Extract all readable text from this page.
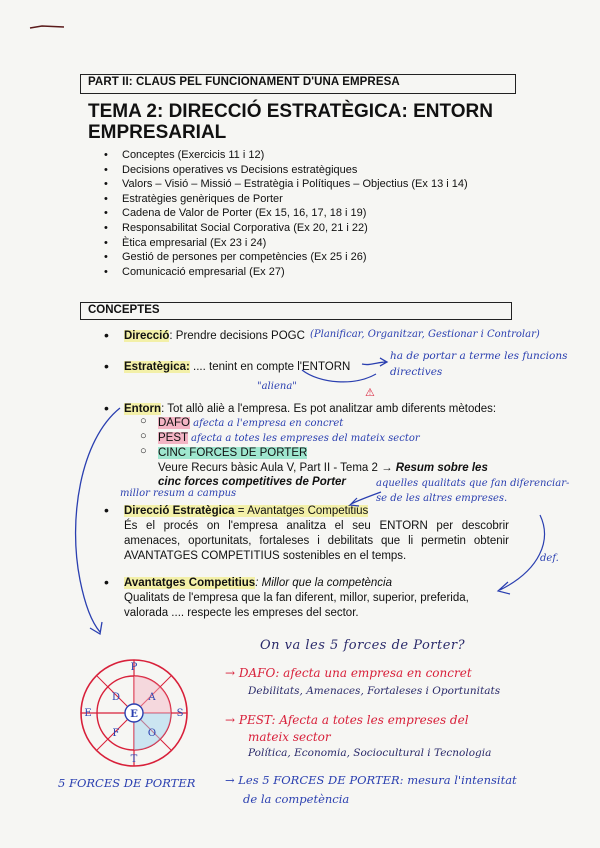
PART II: CLAUS PEL FUNCIONAMENT D'UNA EMPRESA
TEMA 2: DIRECCIÓ ESTRATÈGICA: ENTORN EMPRESARIAL
• Conceptes (Exercicis 11 i 12)
• Decisions operatives vs Decisions estratègiques
• Valors – Visió – Missió – Estratègia i Polítiques – Objectius (Ex 13 i 14)
• Estratègies genèriques de Porter
• Cadena de Valor de Porter (Ex 15, 16, 17, 18 i 19)
• Responsabilitat Social Corporativa (Ex 20, 21 i 22)
• Ètica empresarial (Ex 23 i 24)
• Gestió de persones per competències (Ex 25 i 26)
• Comunicació empresarial (Ex 27)
CONCEPTES
• Direcció: Prendre decisions POGC (Planificar, Organitzar, Gestionar i Controlar)
• Estratègica: .... tenint en compte l'ENTORN
ha de portar a terme les funcions directives
"aliena"
⚠
• Entorn: Tot allò aliè a l'empresa. Es pot analitzar amb diferents mètodes:
○ DAFO afecta a l'empresa en concret
○ PEST afecta a totes les empreses del mateix sector
○ CINC FORCES DE PORTER
Veure Recurs bàsic Aula V, Part II - Tema 2 → Resum sobre les
cinc forces competitives de Porter
millor resum a campus
• Direcció Estratègica = Avantatges Competitius
aquelles qualitats que fan diferenciar-se de les altres empreses.
És el procés on l'empresa analitza el seu ENTORN per descobrir amenaces, oportunitats, fortaleses i debilitats que li permetin obtenir AVANTATGES COMPETITIUS sostenibles en el temps.	def.
• Avantatges Competitius: Millor que la competència
Qualitats de l'empresa que la fan diferent, millor, superior, preferida, valorada .... respecte les empreses del sector.
On va les 5 forces de Porter?
→ DAFO: afecta una empresa en concret
Debilitats, Amenaces, Fortaleses i Oportunitats
→ PEST: Afecta a totes les empreses del
mateix sector
Política, Economia, Sociocultural i Tecnologia
→ Les 5 FORCES DE PORTER: mesura l'intensitat
de la competència
P
S
T
E
D	A
F	O
E
5 FORCES DE PORTER
